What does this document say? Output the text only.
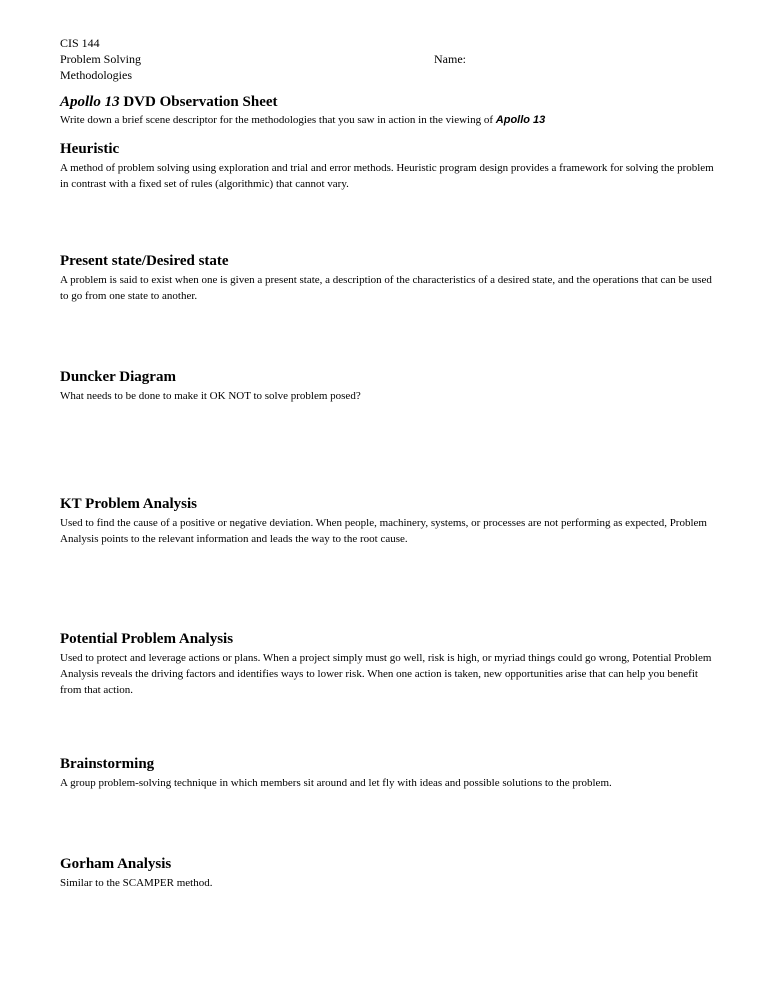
CIS 144
Problem Solving
Methodologies
Name:
Apollo 13 DVD Observation Sheet

Write down a brief scene descriptor for the methodologies that you saw in action in the viewing of Apollo 13

Heuristic

A method of problem solving using exploration and trial and error methods. Heuristic program design provides a framework for solving the problem in contrast with a fixed set of rules (algorithmic) that cannot vary.

Present state/Desired state

A problem is said to exist when one is given a present state, a description of the characteristics of a desired state, and the operations that can be used to go from one state to another.

Duncker Diagram

What needs to be done to make it OK NOT to solve problem posed?

KT Problem Analysis

Used to find the cause of a positive or negative deviation. When people, machinery, systems, or processes are not performing as expected, Problem Analysis points to the relevant information and leads the way to the root cause.

Potential Problem Analysis

Used to protect and leverage actions or plans. When a project simply must go well, risk is high, or myriad things could go wrong, Potential Problem Analysis reveals the driving factors and identifies ways to lower risk. When one action is taken, new opportunities arise that can help you benefit from that action.

Brainstorming

A group problem-solving technique in which members sit around and let fly with ideas and possible solutions to the problem.

Gorham Analysis

Similar to the SCAMPER method.
